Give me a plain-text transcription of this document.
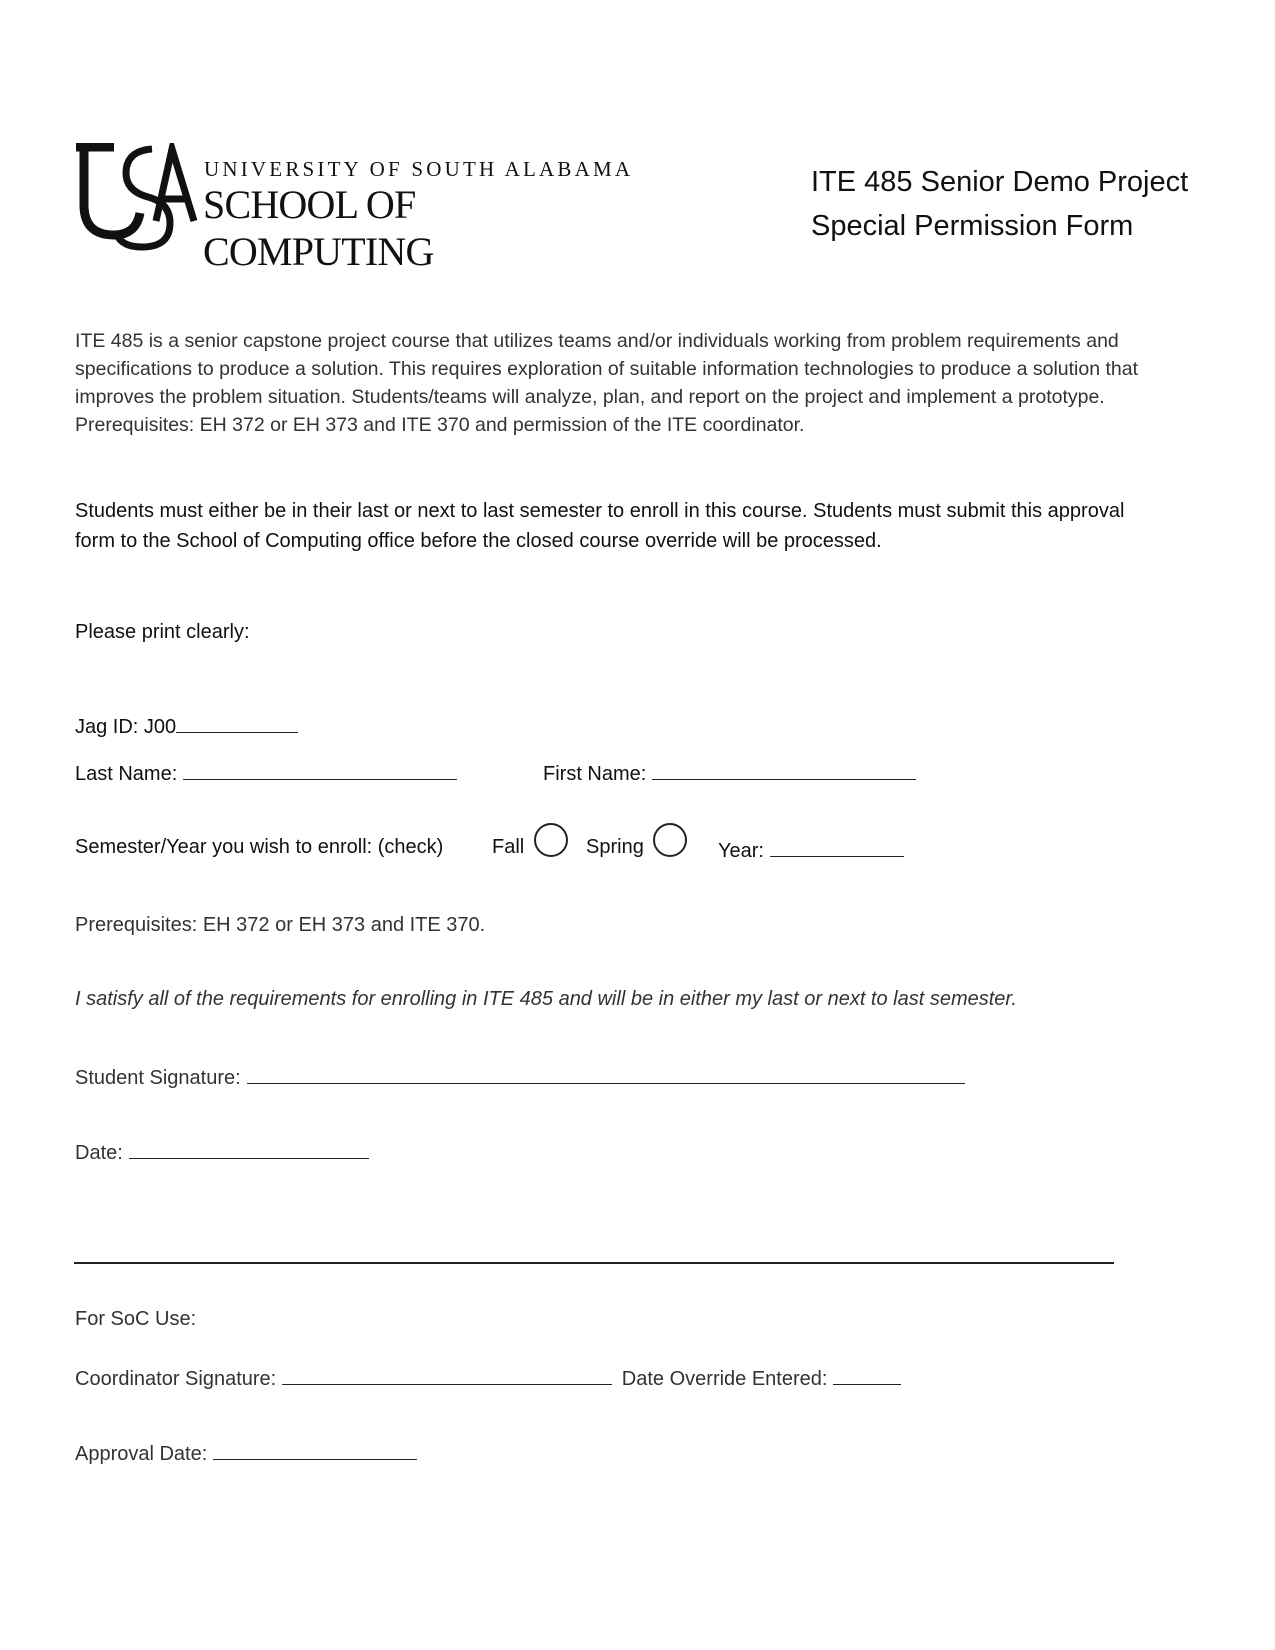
UNIVERSITY OF SOUTH ALABAMA
SCHOOL OF COMPUTING
ITE 485 Senior Demo Project
Special Permission Form
ITE 485 is a senior capstone project course that utilizes teams and/or individuals working from problem requirements and specifications to produce a solution. This requires exploration of suitable information technologies to produce a solution that improves the problem situation. Students/teams will analyze, plan, and report on the project and implement a prototype. Prerequisites: EH 372 or EH 373 and ITE 370 and permission of the ITE coordinator.
Students must either be in their last or next to last semester to enroll in this course. Students must submit this approval form to the School of Computing office before the closed course override will be processed.
Please print clearly:
Jag ID: J00
Last Name:	First Name:
Semester/Year you wish to enroll: (check) Fall	Spring	Year:
Prerequisites: EH 372 or EH 373 and ITE 370.
I satisfy all of the requirements for enrolling in ITE 485 and will be in either my last or next to last semester.
Student Signature:
Date:
For SoC Use:
Coordinator Signature:	Date Override Entered:
Approval Date:
